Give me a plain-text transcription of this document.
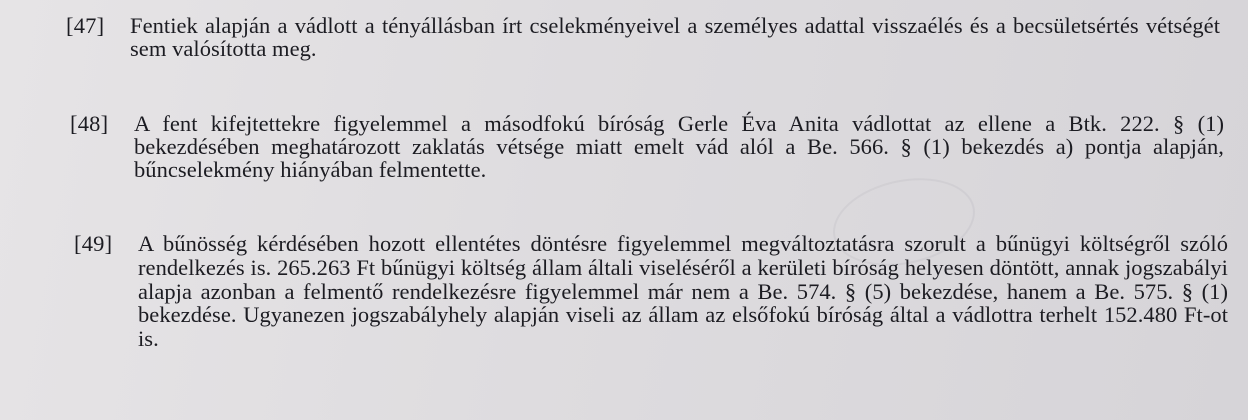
[47]	Fentiek alapján a vádlott a tényállásban írt cselekményeivel a személyes adattal visszaélés és a becsületsértés vétségét sem valósította meg.
[48]	A fent kifejtettekre figyelemmel a másodfokú bíróság Gerle Éva Anita vádlottat az ellene a Btk. 222. § (1) bekezdésében meghatározott zaklatás vétsége miatt emelt vád alól a Be. 566. § (1) bekezdés a) pontja alapján, bűncselekmény hiányában felmentette.
[49]	A bűnösség kérdésében hozott ellentétes döntésre figyelemmel megváltoztatásra szorult a bűnügyi költségről szóló rendelkezés is. 265.263 Ft bűnügyi költség állam általi viseléséről a kerületi bíróság helyesen döntött, annak jogszabályi alapja azonban a felmentő rendelkezésre figyelemmel már nem a Be. 574. § (5) bekezdése, hanem a Be. 575. § (1) bekezdése. Ugyanezen jogszabályhely alapján viseli az állam az elsőfokú bíróság által a vádlottra terhelt 152.480 Ft-ot is.
